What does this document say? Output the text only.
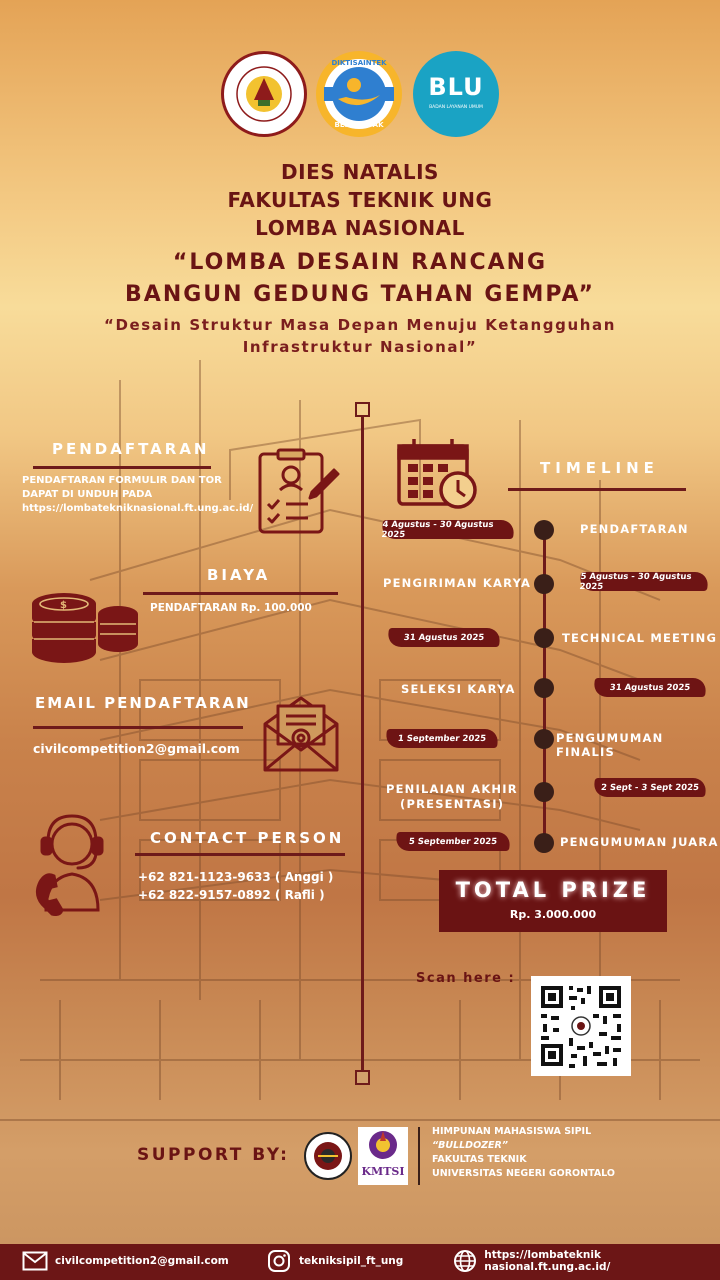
DIKTISAINTEK
BERDAMPAK
BLU
BADAN LAYANAN UMUM
DIES NATALIS
FAKULTAS TEKNIK UNG
LOMBA NASIONAL
“LOMBA DESAIN RANCANG
BANGUN GEDUNG TAHAN GEMPA”
“Desain Struktur Masa Depan Menuju Ketangguhan
Infrastruktur Nasional”
PENDAFTARAN
PENDAFTARAN FORMULIR DAN TOR
DAPAT DI UNDUH PADA
https://lombateknik​nasional.ft.ung.ac.id/
$
BIAYA
PENDAFTARAN Rp. 100.000
EMAIL PENDAFTARAN
civilcompetition2@gmail.com
CONTACT PERSON
+62 821-1123-9633 ( Anggi )
+62 822-9157-0892 ( Rafli )
TIMELINE
4 Agustus - 30 Agustus 2025	PENDAFTARAN
PENGIRIMAN KARYA	5 Agustus - 30 Agustus 2025
31 Agustus 2025	TECHNICAL MEETING
SELEKSI KARYA	31 Agustus 2025
1 September 2025	PENGUMUMAN FINALIS
PENILAIAN AKHIR
(PRESENTASI)
2 Sept - 3 Sept 2025
5 September 2025	PENGUMUMAN JUARA
TOTAL PRIZE
Rp. 3.000.000
Scan here :
SUPPORT BY:
KMTSI
HIMPUNAN MAHASISWA SIPIL
“BULLDOZER”
FAKULTAS TEKNIK
UNIVERSITAS NEGERI GORONTALO
civilcompetition2@gmail.com	tekniksipil_ft_ung	https://lombateknik​nasional.ft.ung.ac.id/
